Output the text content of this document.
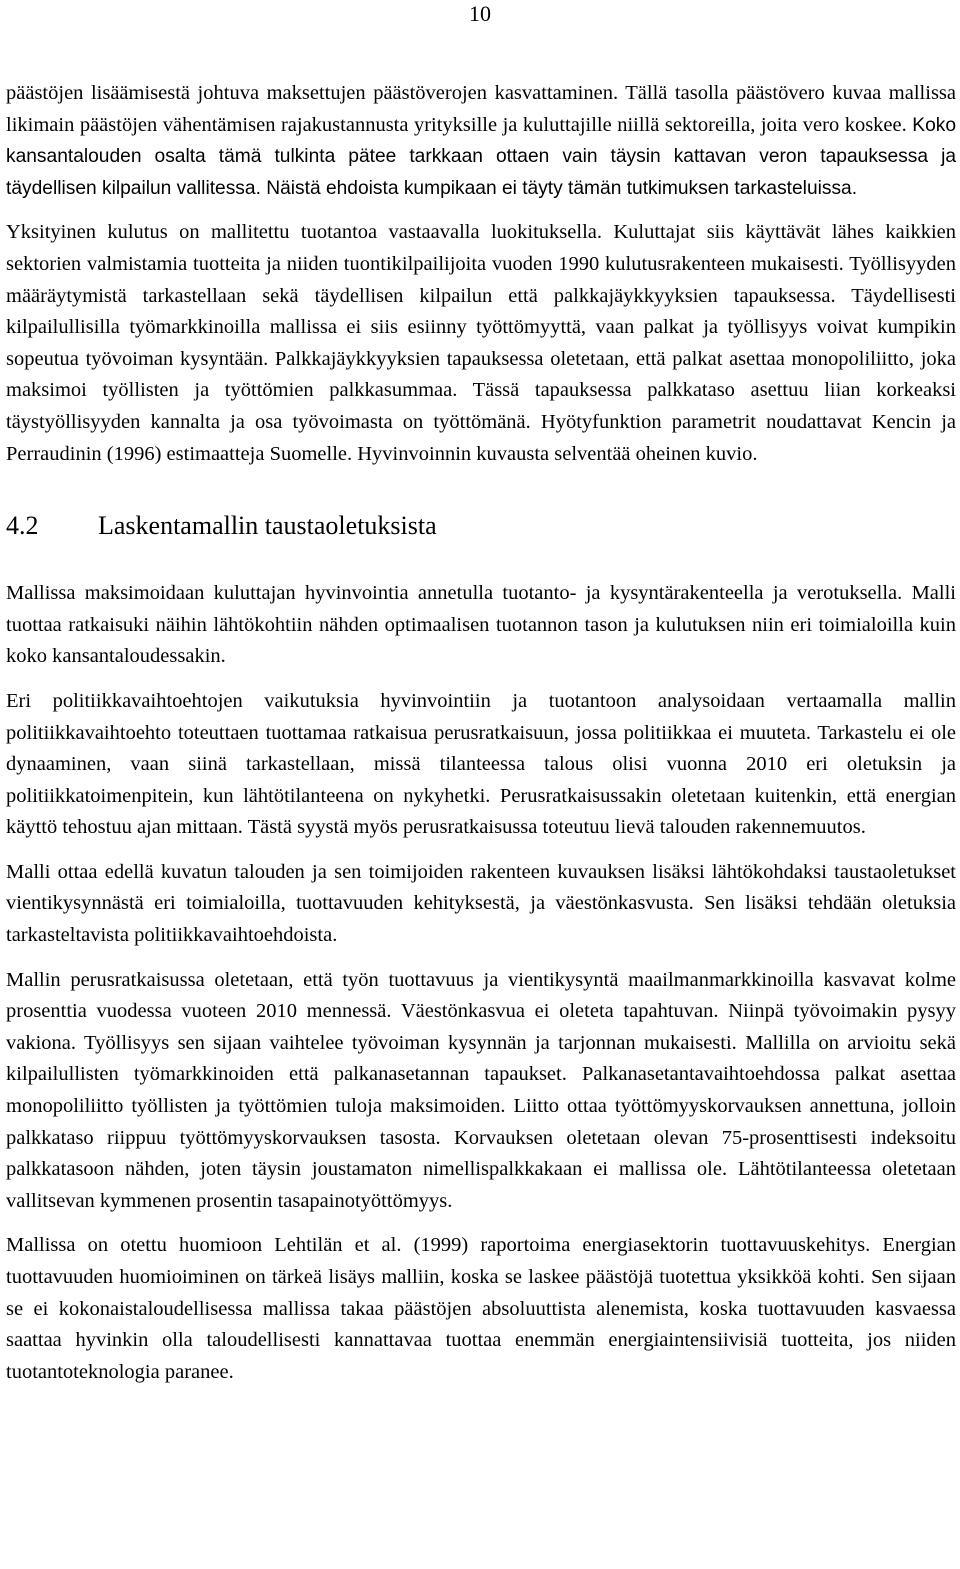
10

päästöjen lisäämisestä johtuva maksettujen päästöverojen kasvattaminen. Tällä tasolla päästövero kuvaa mallissa likimain päästöjen vähentämisen rajakustannusta yrityksille ja kuluttajille niillä sektoreilla, joita vero koskee. Koko kansantalouden osalta tämä tulkinta pätee tarkkaan ottaen vain täysin kattavan veron tapauksessa ja täydellisen kilpailun vallitessa. Näistä ehdoista kumpikaan ei täyty tämän tutkimuksen tarkasteluissa.

Yksityinen kulutus on mallitettu tuotantoa vastaavalla luokituksella. Kuluttajat siis käyttävät lähes kaikkien sektorien valmistamia tuotteita ja niiden tuontikilpailijoita vuoden 1990 kulutusrakenteen mukaisesti. Työllisyyden määräytymistä tarkastellaan sekä täydellisen kilpailun että palkkajäykkyyksien tapauksessa. Täydellisesti kilpailullisilla työmarkkinoilla mallissa ei siis esiinny työttömyyttä, vaan palkat ja työllisyys voivat kumpikin sopeutua työvoiman kysyntään. Palkkajäykkyyksien tapauksessa oletetaan, että palkat asettaa monopoliliitto, joka maksimoi työllisten ja työttömien palkkasummaa. Tässä tapauksessa palkkataso asettuu liian korkeaksi täystyöllisyyden kannalta ja osa työvoimasta on työttömänä. Hyötyfunktion parametrit noudattavat Kencin ja Perraudinin (1996) estimaatteja Suomelle. Hyvinvoinnin kuvausta selventää oheinen kuvio.

4.2	Laskentamallin taustaoletuksista

Mallissa maksimoidaan kuluttajan hyvinvointia annetulla tuotanto- ja kysyntärakenteella ja verotuksella. Malli tuottaa ratkaisuki näihin lähtökohtiin nähden optimaalisen tuotannon tason ja kulutuksen niin eri toimialoilla kuin koko kansantaloudessakin.

Eri politiikkavaihtoehtojen vaikutuksia hyvinvointiin ja tuotantoon analysoidaan vertaamalla mallin politiikkavaihtoehto toteuttaen tuottamaa ratkaisua perusratkaisuun, jossa politiikkaa ei muuteta. Tarkastelu ei ole dynaaminen, vaan siinä tarkastellaan, missä tilanteessa talous olisi vuonna 2010 eri oletuksin ja politiikkatoimenpitein, kun lähtötilanteena on nykyhetki. Perusratkaisussakin oletetaan kuitenkin, että energian käyttö tehostuu ajan mittaan. Tästä syystä myös perusratkaisussa toteutuu lievä talouden rakennemuutos.

Malli ottaa edellä kuvatun talouden ja sen toimijoiden rakenteen kuvauksen lisäksi lähtökohdaksi taustaoletukset vientikysynnästä eri toimialoilla, tuottavuuden kehityksestä, ja väestönkasvusta. Sen lisäksi tehdään oletuksia tarkasteltavista politiikkavaihtoehdoista.

Mallin perusratkaisussa oletetaan, että työn tuottavuus ja vientikysyntä maailmanmarkkinoilla kasvavat kolme prosenttia vuodessa vuoteen 2010 mennessä. Väestönkasvua ei oleteta tapahtuvan. Niinpä työvoimakin pysyy vakiona. Työllisyys sen sijaan vaihtelee työvoiman kysynnän ja tarjonnan mukaisesti. Mallilla on arvioitu sekä kilpailullisten työmarkkinoiden että palkanasetannan tapaukset. Palkanasetantavaihtoehdossa palkat asettaa monopoliliitto työllisten ja työttömien tuloja maksimoiden. Liitto ottaa työttömyyskorvauksen annettuna, jolloin palkkataso riippuu työttömyyskorvauksen tasosta. Korvauksen oletetaan olevan 75-prosenttisesti indeksoitu palkkatasoon nähden, joten täysin joustamaton nimellispalkkakaan ei mallissa ole. Lähtötilanteessa oletetaan vallitsevan kymmenen prosentin tasapainotyöttömyys.

Mallissa on otettu huomioon Lehtilän et al. (1999) raportoima energiasektorin tuottavuuskehitys. Energian tuottavuuden huomioiminen on tärkeä lisäys malliin, koska se laskee päästöjä tuotettua yksikköä kohti. Sen sijaan se ei kokonaistaloudellisessa mallissa takaa päästöjen absoluuttista alenemista, koska tuottavuuden kasvaessa saattaa hyvinkin olla taloudellisesti kannattavaa tuottaa enemmän energiaintensiivisiä tuotteita, jos niiden tuotantoteknologia paranee.
